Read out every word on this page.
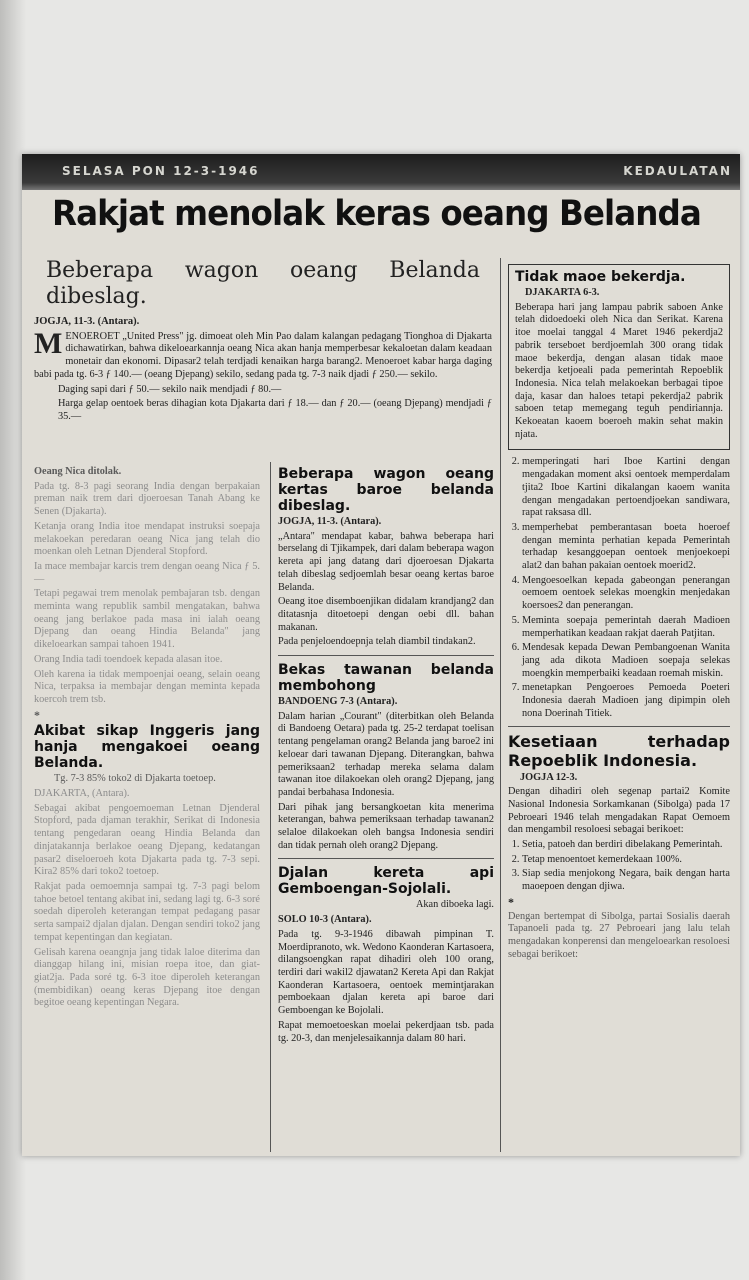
SELASA PON 12-3-1946	KEDAULATAN
Rakjat menolak keras oeang Belanda

Beberapa wagon oeang Belanda dibeslag.

JOGJA, 11-3. (Antara).

MENOEROET „United Press" jg. dimoeat oleh Min Pao dalam kalangan pedagang Tionghoa di Djakarta dichawatirkan, bahwa dikeloearkannja oeang Nica akan hanja memperbesar kekaloetan dalam keadaan monetair dan ekonomi. Dipasar2 telah terdjadi kenaikan harga barang2. Menoeroet kabar harga daging babi pada tg. 6-3 ƒ 140.— (oeang Djepang) sekilo, sedang pada tg. 7-3 naik djadi ƒ 250.— sekilo.

Daging sapi dari ƒ 50.— sekilo naik mendjadi ƒ 80.—

Harga gelap oentoek beras dihagian kota Djakarta dari ƒ 18.— dan ƒ 20.— (oeang Djepang) mendjadi ƒ 35.—

Oeang Nica ditolak.

Pada tg. 8-3 pagi seorang India dengan berpakaian preman naik trem dari djoeroesan Tanah Abang ke Senen (Djakarta).

Ketanja orang India itoe mendapat instruksi soepaja melakoekan peredaran oeang Nica jang telah dio moenkan oleh Letnan Djenderal Stopford.

Ia mace membajar karcis trem dengan oeang Nica ƒ 5.—

Tetapi pegawai trem menolak pembajaran tsb. dengan meminta wang republik sambil mengatakan, bahwa oeang jang berlakoe pada masa ini ialah oeang Djepang dan oeang Hindia Belanda" jang dikeloearkan sampai tahoen 1941.

Orang India tadi toendoek kepada alasan itoe.

Oleh karena ia tidak mempoenjai oeang, selain oeang Nica, terpaksa ia membajar dengan meminta kepada koercoh trem tsb.

*

Akibat sikap Inggeris jang hanja mengakoei oeang Belanda.

Tg. 7-3 85% toko2 di Djakarta toetoep.

DJAKARTA, (Antara).

Sebagai akibat pengoemoeman Letnan Djenderal Stopford, pada djaman terakhir, Serikat di Indonesia tentang pengedaran oeang Hindia Belanda dan dinjatakannja berlakoe oeang Djepang, kedatangan pasar2 diseloeroeh kota Djakarta pada tg. 7-3 sepi. Kira2 85% dari toko2 toetoep.

Rakjat pada oemoemnja sampai tg. 7-3 pagi belom tahoe betoel tentang akibat ini, sedang lagi tg. 6-3 soré soedah diperoleh keterangan tempat pedagang pasar serta sampai2 djalan djalan. Dengan sendiri toko2 jang tempat kepentingan dan kegiatan.

Gelisah karena oeangnja jang tidak laloe diterima dan dianggap hilang ini, misian roepa itoe, dan giat-giat2ja. Pada soré tg. 6-3 itoe diperoleh keterangan (membidikan) oeang keras Djepang itoe dengan begitoe oeang kepentingan Negara.

Beberapa wagon oeang kertas baroe belanda dibeslag.

JOGJA, 11-3. (Antara).

„Antara" mendapat kabar, bahwa beberapa hari berselang di Tjikampek, dari dalam beberapa wagon kereta api jang datang dari djoeroesan Djakarta telah dibeslag sedjoemlah besar oeang kertas baroe Belanda.

Oeang itoe disemboenjikan didalam krandjang2 dan ditatasnja ditoetoepi dengan oebi dll. bahan makanan.

Pada penjeloendoepnja telah diambil tindakan2.

Bekas tawanan belanda membohong

BANDOENG 7-3 (Antara).

Dalam harian „Courant" (diterbitkan oleh Belanda di Bandoeng Oetara) pada tg. 25-2 terdapat toelisan tentang pengelaman orang2 Belanda jang baroe2 ini keloear dari tawanan Djepang. Diterangkan, bahwa pemeriksaan2 terhadap mereka selama dalam tawanan itoe dilakoekan oleh orang2 Djepang, jang pandai berbahasa Indonesia.

Dari pihak jang bersangkoetan kita menerima keterangan, bahwa pemeriksaan terhadap tawanan2 selaloe dilakoekan oleh bangsa Indonesia sendiri dan tidak pernah oleh orang2 Djepang.

Djalan kereta api Gemboengan-Sojolali.

Akan diboeka lagi.

SOLO 10-3 (Antara).

Pada tg. 9-3-1946 dibawah pimpinan T. Moerdipranoto, wk. Wedono Kaonderan Kartasoera, dilangsoengkan rapat dihadiri oleh 100 orang, terdiri dari wakil2 djawatan2 Kereta Api dan Rakjat Kaonderan Kartasoera, oentoek memintjarakan pemboekaan djalan kereta api baroe dari Gemboengan ke Bojolali.

Rapat memoetoeskan moelai pekerdjaan tsb. pada tg. 20-3, dan menjelesaikannja dalam 80 hari.

Tidak maoe bekerdja.

DJAKARTA 6-3.

Beberapa hari jang lampau pabrik saboen Anke telah didoedoeki oleh Nica dan Serikat. Karena itoe moelai tanggal 4 Maret 1946 pekerdja2 pabrik terseboet berdjoemlah 300 orang tidak maoe bekerdja, dengan alasan tidak maoe bekerdja ketjoeali pada pemerintah Repoeblik Indonesia. Nica telah melakoekan berbagai tipoe daja, kasar dan haloes tetapi pekerdja2 pabrik saboen tetap memegang teguh pendiriannja. Kekoeatan kaoem boeroeh makin sehat makin njata.

2. memperingati hari Iboe Kartini dengan mengadakan moment aksi oentoek memperdalam tjita2 Iboe Kartini dikalangan kaoem wanita dengan mengadakan pertoendjoekan sandiwara, rapat raksasa dll.
3. memperhebat pemberantasan boeta hoeroef dengan meminta perhatian kepada Pemerintah terhadap kesanggoepan oentoek menjoekoepi alat2 dan bahan pakaian oentoek moerid2.
4. Mengoesoelkan kepada gabeongan penerangan oemoem oentoek selekas moengkin menjedakan koersoes2 dan penerangan.
5. Meminta soepaja pemerintah daerah Madioen memperhatikan keadaan rakjat daerah Patjitan.
6. Mendesak kepada Dewan Pembangoenan Wanita jang ada dikota Madioen soepaja selekas moengkin memperbaiki keadaan roemah miskin.
7. menetapkan Pengoeroes Pemoeda Poeteri Indonesia daerah Madioen jang dipimpin oleh nona Doerinah Titiek.

Kesetiaan terhadap Repoeblik Indonesia.

JOGJA 12-3.

Dengan dihadiri oleh segenap partai2 Komite Nasional Indonesia Sorkamkanan (Sibolga) pada 17 Pebroeari 1946 telah mengadakan Rapat Oemoem dan mengambil resoloesi sebagai berikoet:

1. Setia, patoeh dan berdiri dibelakang Pemerintah.
2. Tetap menoentoet kemerdekaan 100%.
3. Siap sedia menjokong Negara, baik dengan harta maoepoen dengan djiwa.

*

Dengan bertempat di Sibolga, partai Sosialis daerah Tapanoeli pada tg. 27 Pebroeari jang lalu telah mengadakan konperensi dan mengeloearkan resoloesi sebagai berikoet:
